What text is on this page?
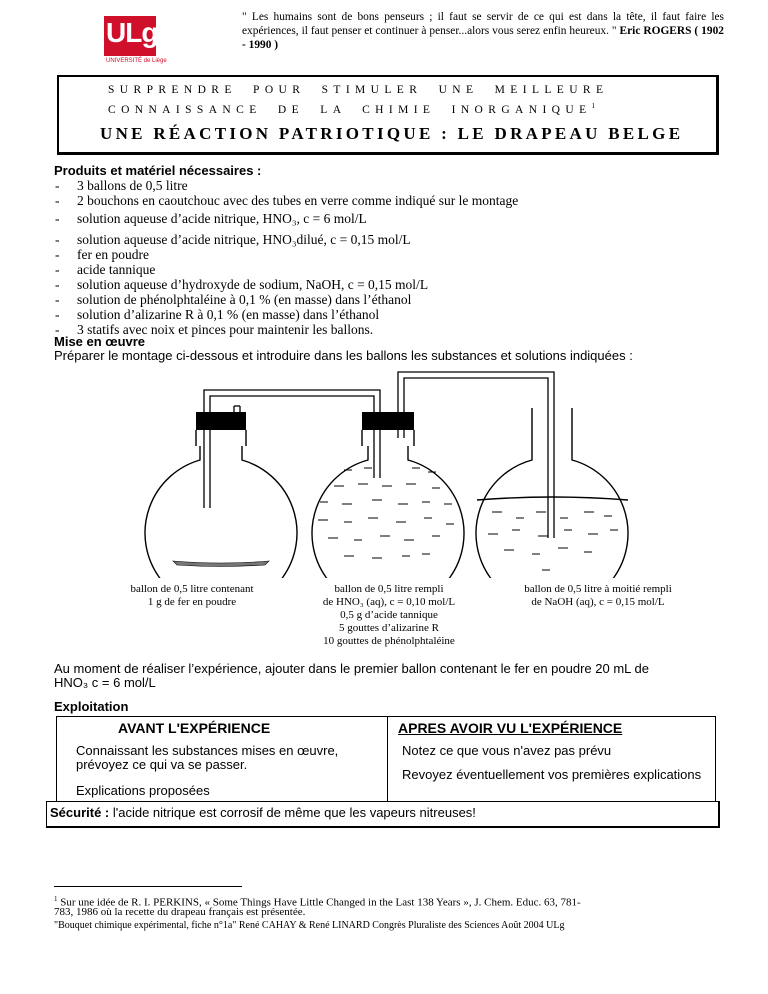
ULg
UNIVERSITÉ de Liège
" Les humains sont de bons penseurs ; il faut se servir de ce qui est dans la tête, il faut faire les expériences, il faut penser et continuer à penser...alors vous serez enfin heureux. " Eric ROGERS ( 1902 - 1990 )
SURPRENDRE POUR STIMULER UNE MEILLEURE
CONNAISSANCE DE LA CHIMIE INORGANIQUE$^1$
UNE RÉACTION PATRIOTIQUE : LE DRAPEAU BELGE
Produits et matériel nécessaires :
- 3 ballons de 0,5 litre
- 2 bouchons en caoutchouc avec des tubes en verre comme indiqué sur le montage
- solution aqueuse d’acide nitrique, HNO₃, c = 6 mol/L
- solution aqueuse d’acide nitrique, HNO₃dilué, c = 0,15 mol/L
- fer en poudre
- acide tannique
- solution aqueuse d’hydroxyde de sodium, NaOH, c = 0,15 mol/L
- solution de phénolphtaléine à 0,1 % (en masse) dans l’éthanol
- solution d’alizarine R à 0,1 % (en masse) dans l’éthanol
- 3 statifs avec noix et pinces pour maintenir les ballons.
Mise en œuvre
Préparer le montage ci-dessous et introduire dans les ballons les substances et solutions indiquées :
ballon de 0,5 litre contenant
1 g de fer en poudre
ballon de 0,5 litre rempli
de HNO₃ (aq), c = 0,10 mol/L
0,5 g d’acide tannique
5 gouttes d’alizarine R
10 gouttes de phénolphtaléine
ballon de 0,5 litre à moitié rempli
de NaOH (aq), c = 0,15 mol/L
Au moment de réaliser l’expérience, ajouter dans le premier ballon contenant le fer en poudre 20 mL de
HNO₃ c = 6 mol/L
Exploitation
AVANT L'EXPÉRIENCE	APRES AVOIR VU L'EXPÉRIENCE
Connaissant les substances mises en œuvre,
prévoyez ce qui va se passer.
Explications proposées
Notez ce que vous n'avez pas prévu
Revoyez éventuellement vos premières explications
Sécurité : l'acide nitrique est corrosif de même que les vapeurs nitreuses!
$^1$ Sur une idée de R. I. PERKINS, « Some Things Have Little Changed in the Last 138 Years », J. Chem. Educ. 63, 781-
783, 1986 où la recette du drapeau français est présentée.
"Bouquet chimique expérimental, fiche n°1a" René CAHAY & René LINARD Congrès Pluraliste des Sciences Août 2004 ULg
